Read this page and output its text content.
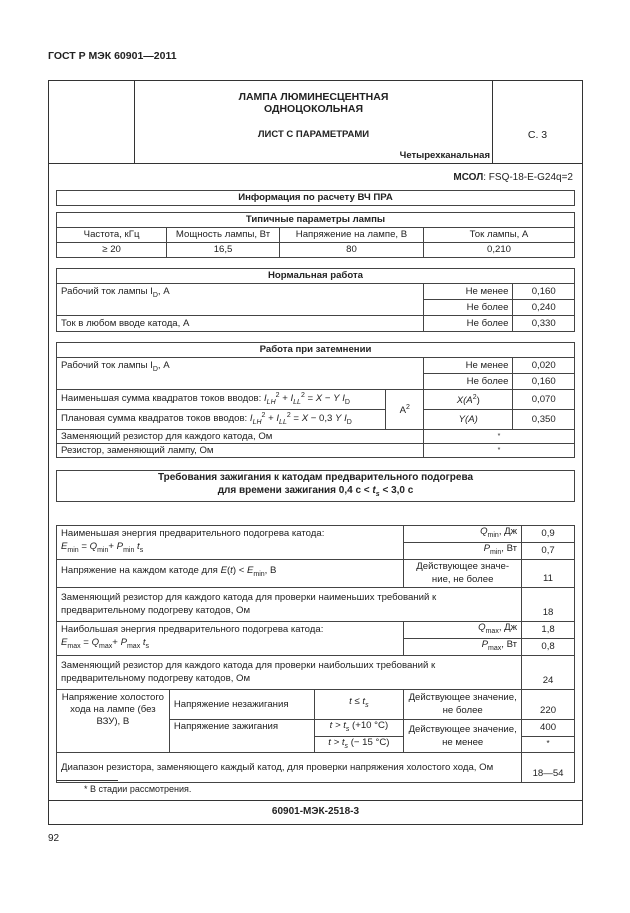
ГОСТ Р МЭК 60901—2011
ЛАМПА ЛЮМИНЕСЦЕНТНАЯ
ОДНОЦОКОЛЬНАЯ
ЛИСТ С ПАРАМЕТРАМИ
Четырехканальная
С. 3
МСОЛ: FSQ-18-E-G24q=2
Информация по расчету ВЧ ПРА					

Типичные параметры лампы					
Частота, кГц	Мощность лампы, Вт	Напряжение на лампе, В		Ток лампы, А	
≥ 20	16,5	80		0,210	

Нормальная работа					
Рабочий ток лампы $I_D$, А				Не менее	0,160
				Не более	0,240
Ток в любом вводе катода, А				Не более	0,330

Работа при затемнении					
Рабочий ток лампы $I_D$, А				Не менее	0,020
				Не более	0,160
Наименьшая сумма квадратов токов вводов: $I_{LH}^2 + I_{LL}^2 = X - Y$ $I_D$			$А^2$	$X(A^2)$	0,070
Плановая сумма квадратов токов вводов: $I_{LH}^2 + I_{LL}^2 = X - 0,3$ Y $I_D$				Y(A)	0,350
Заменяющий резистор для каждого катода, Ом				*	
Резистор, заменяющий лампу, Ом				*	

Требования зажигания к катодам предварительного подогрева
для времени зажигания 0,4 $с < t_s < 3,0$ с					
Наименьшая энергия предварительного подогрева катода:
$E_{min} = Q_{min}+ P_{min}$ $t_s$			$Q_{min}$, Дж	0,9
			$P_{min}$, Вт	0,7
Напряжение на каждом катоде для $E(t) < E_{min}$, В			Действующее значе-ние, не более	11
Заменяющий резистор для каждого катода для проверки наименьших требований к предварительному подогреву катодов, Ом				18
Наибольшая энергия предварительного подогрева катода:
$E_{max} = Q_{max}+ P_{max}$ $t_s$			$Q_{max}$, Дж	1,8
			$P_{max}$, Вт	0,8
Заменяющий резистор для каждого катода для проверки наибольших требований к предварительному подогреву катодов, Ом				24
Напряжение холостого хода на лампе (без ВЗУ), В	Напряжение незажигания	$t \le t_s$	Действующее значение, не более	220
	Напряжение зажигания	$t > t_s$ (+10 °С)	Действующее значение, не менее	400
		$t > t_s$ (− 15 °С)		*
Диапазон резистора, заменяющего каждый катод, для проверки напряжения холостого хода, Ом				18—54
* В стадии рассмотрения.
60901-МЭК-2518-3
92
